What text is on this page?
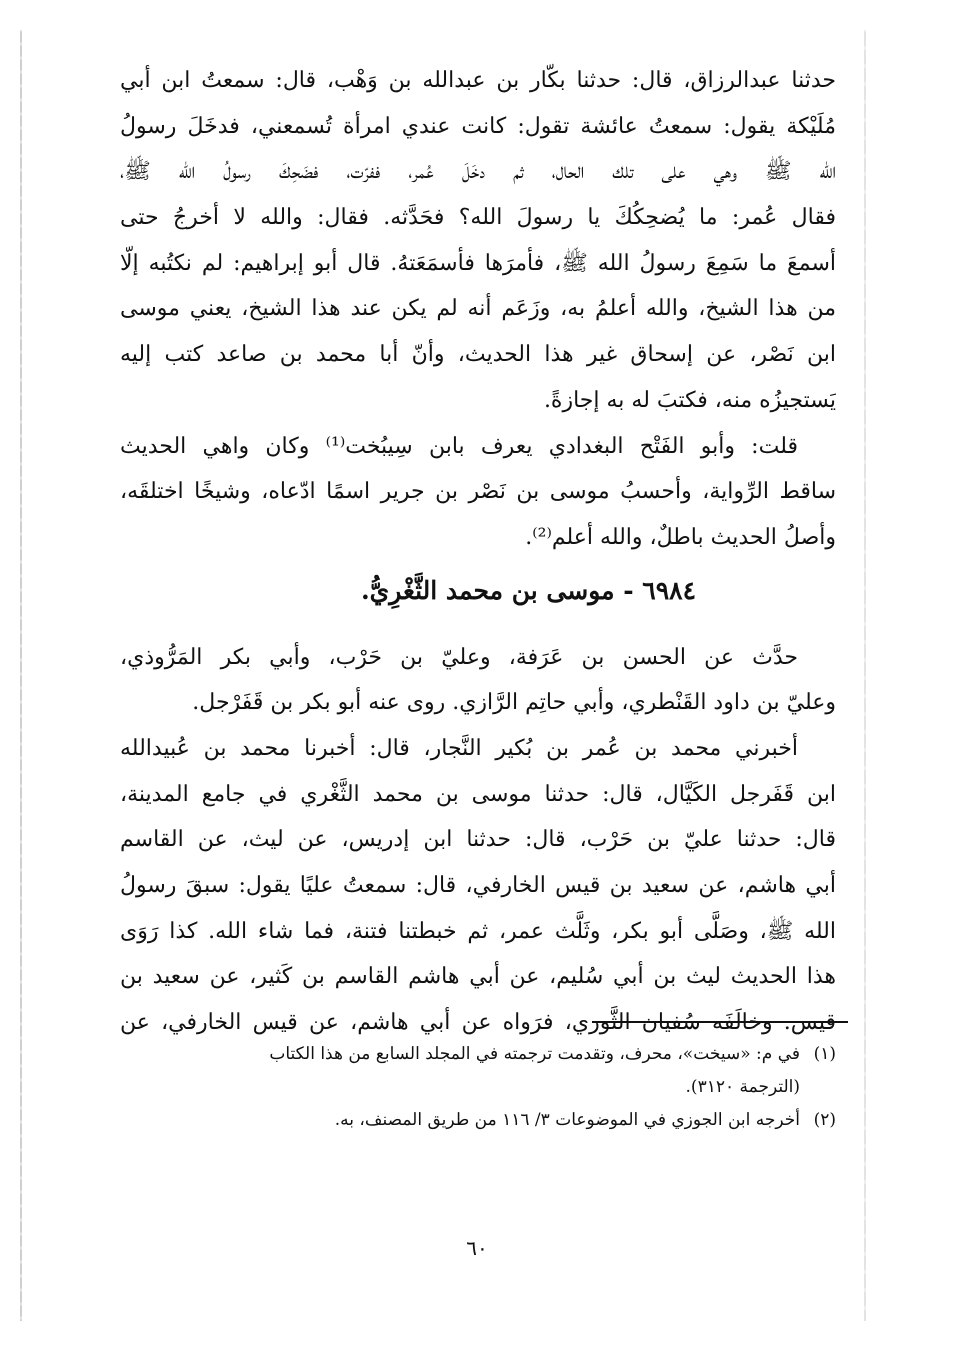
حدثنا عبدالرزاق، قال: حدثنا بكّار بن عبدالله بن وَهْب، قال: سمعتُ ابن أبي
مُلَيْكة يقول: سمعتُ عائشة تقول: كانت عندي امرأة تُسمعني، فدخَلَ رسولُ
الله ﷺ وهي على تلك الحال، ثم دخَلَ عُمر، ففرّت، فضَحِكَ رسولُ الله ﷺ،
فقال عُمر: ما يُضحِكُكَ يا رسولَ الله؟ فحَدَّثه. فقال: والله لا أخرجُ حتى
أسمعَ ما سَمِعَ رسولُ الله ﷺ، فأمرَها فأسمَعَتهُ. قال أبو إبراهيم: لم نكتُبه إلّا
من هذا الشيخ، والله أعلمُ به، وزَعَم أنه لم يكن عند هذا الشيخ، يعني موسى
ابن نَصْر، عن إسحاق غير هذا الحديث، وأنّ أبا محمد بن صاعد كتب إليه
يَستجيزُه منه، فكتبَ له به إجازةً.
قلت: وأبو الفَتْح البغدادي يعرف بابن سِيبُخت⁽¹⁾ وكان واهي الحديث
ساقط الرِّواية، وأحسبُ موسى بن نَصْر بن جرير اسمًا ادّعاه، وشيخًا اختلقَه،
وأصلُ الحديث باطلٌ، والله أعلم⁽²⁾.
٦٩٨٤ - موسى بن محمد الثَّغْرِيُّ.
حدَّث عن الحسن بن عَرَفة، وعليّ بن حَرْب، وأبي بكر المَرُّوذي،
وعليّ بن داود القَنْطري، وأبي حاتِم الرَّازي. روى عنه أبو بكر بن قَفَرْجل.
أخبرني محمد بن عُمر بن بُكير النَّجار، قال: أخبرنا محمد بن عُبيدالله
ابن قَفَرجل الكَيَّال، قال: حدثنا موسى بن محمد الثَّغْري في جامع المدينة،
قال: حدثنا عليّ بن حَرْب، قال: حدثنا ابن إدريس، عن ليث، عن القاسم
أبي هاشم، عن سعيد بن قيس الخارفي، قال: سمعتُ عليًا يقول: سبقَ رسولُ
الله ﷺ، وصَلَّى أبو بكر، وثَلَّث عمر، ثم خبطتنا فتنة، فما شاء الله. كذا رَوَى
هذا الحديث ليث بن أبي سُليم، عن أبي هاشم القاسم بن كَثير، عن سعيد بن
قيس. وخالَفَه سُفيان الثَّوري، فرَواه عن أبي هاشم، عن قيس الخارفي، عن
(١)في م: «سيخت»، محرف، وتقدمت ترجمته في المجلد السابع من هذا الكتاب
(الترجمة ٣١٢٠).
(٢)أخرجه ابن الجوزي في الموضوعات ٣/ ١١٦ من طريق المصنف، به.
٦٠
